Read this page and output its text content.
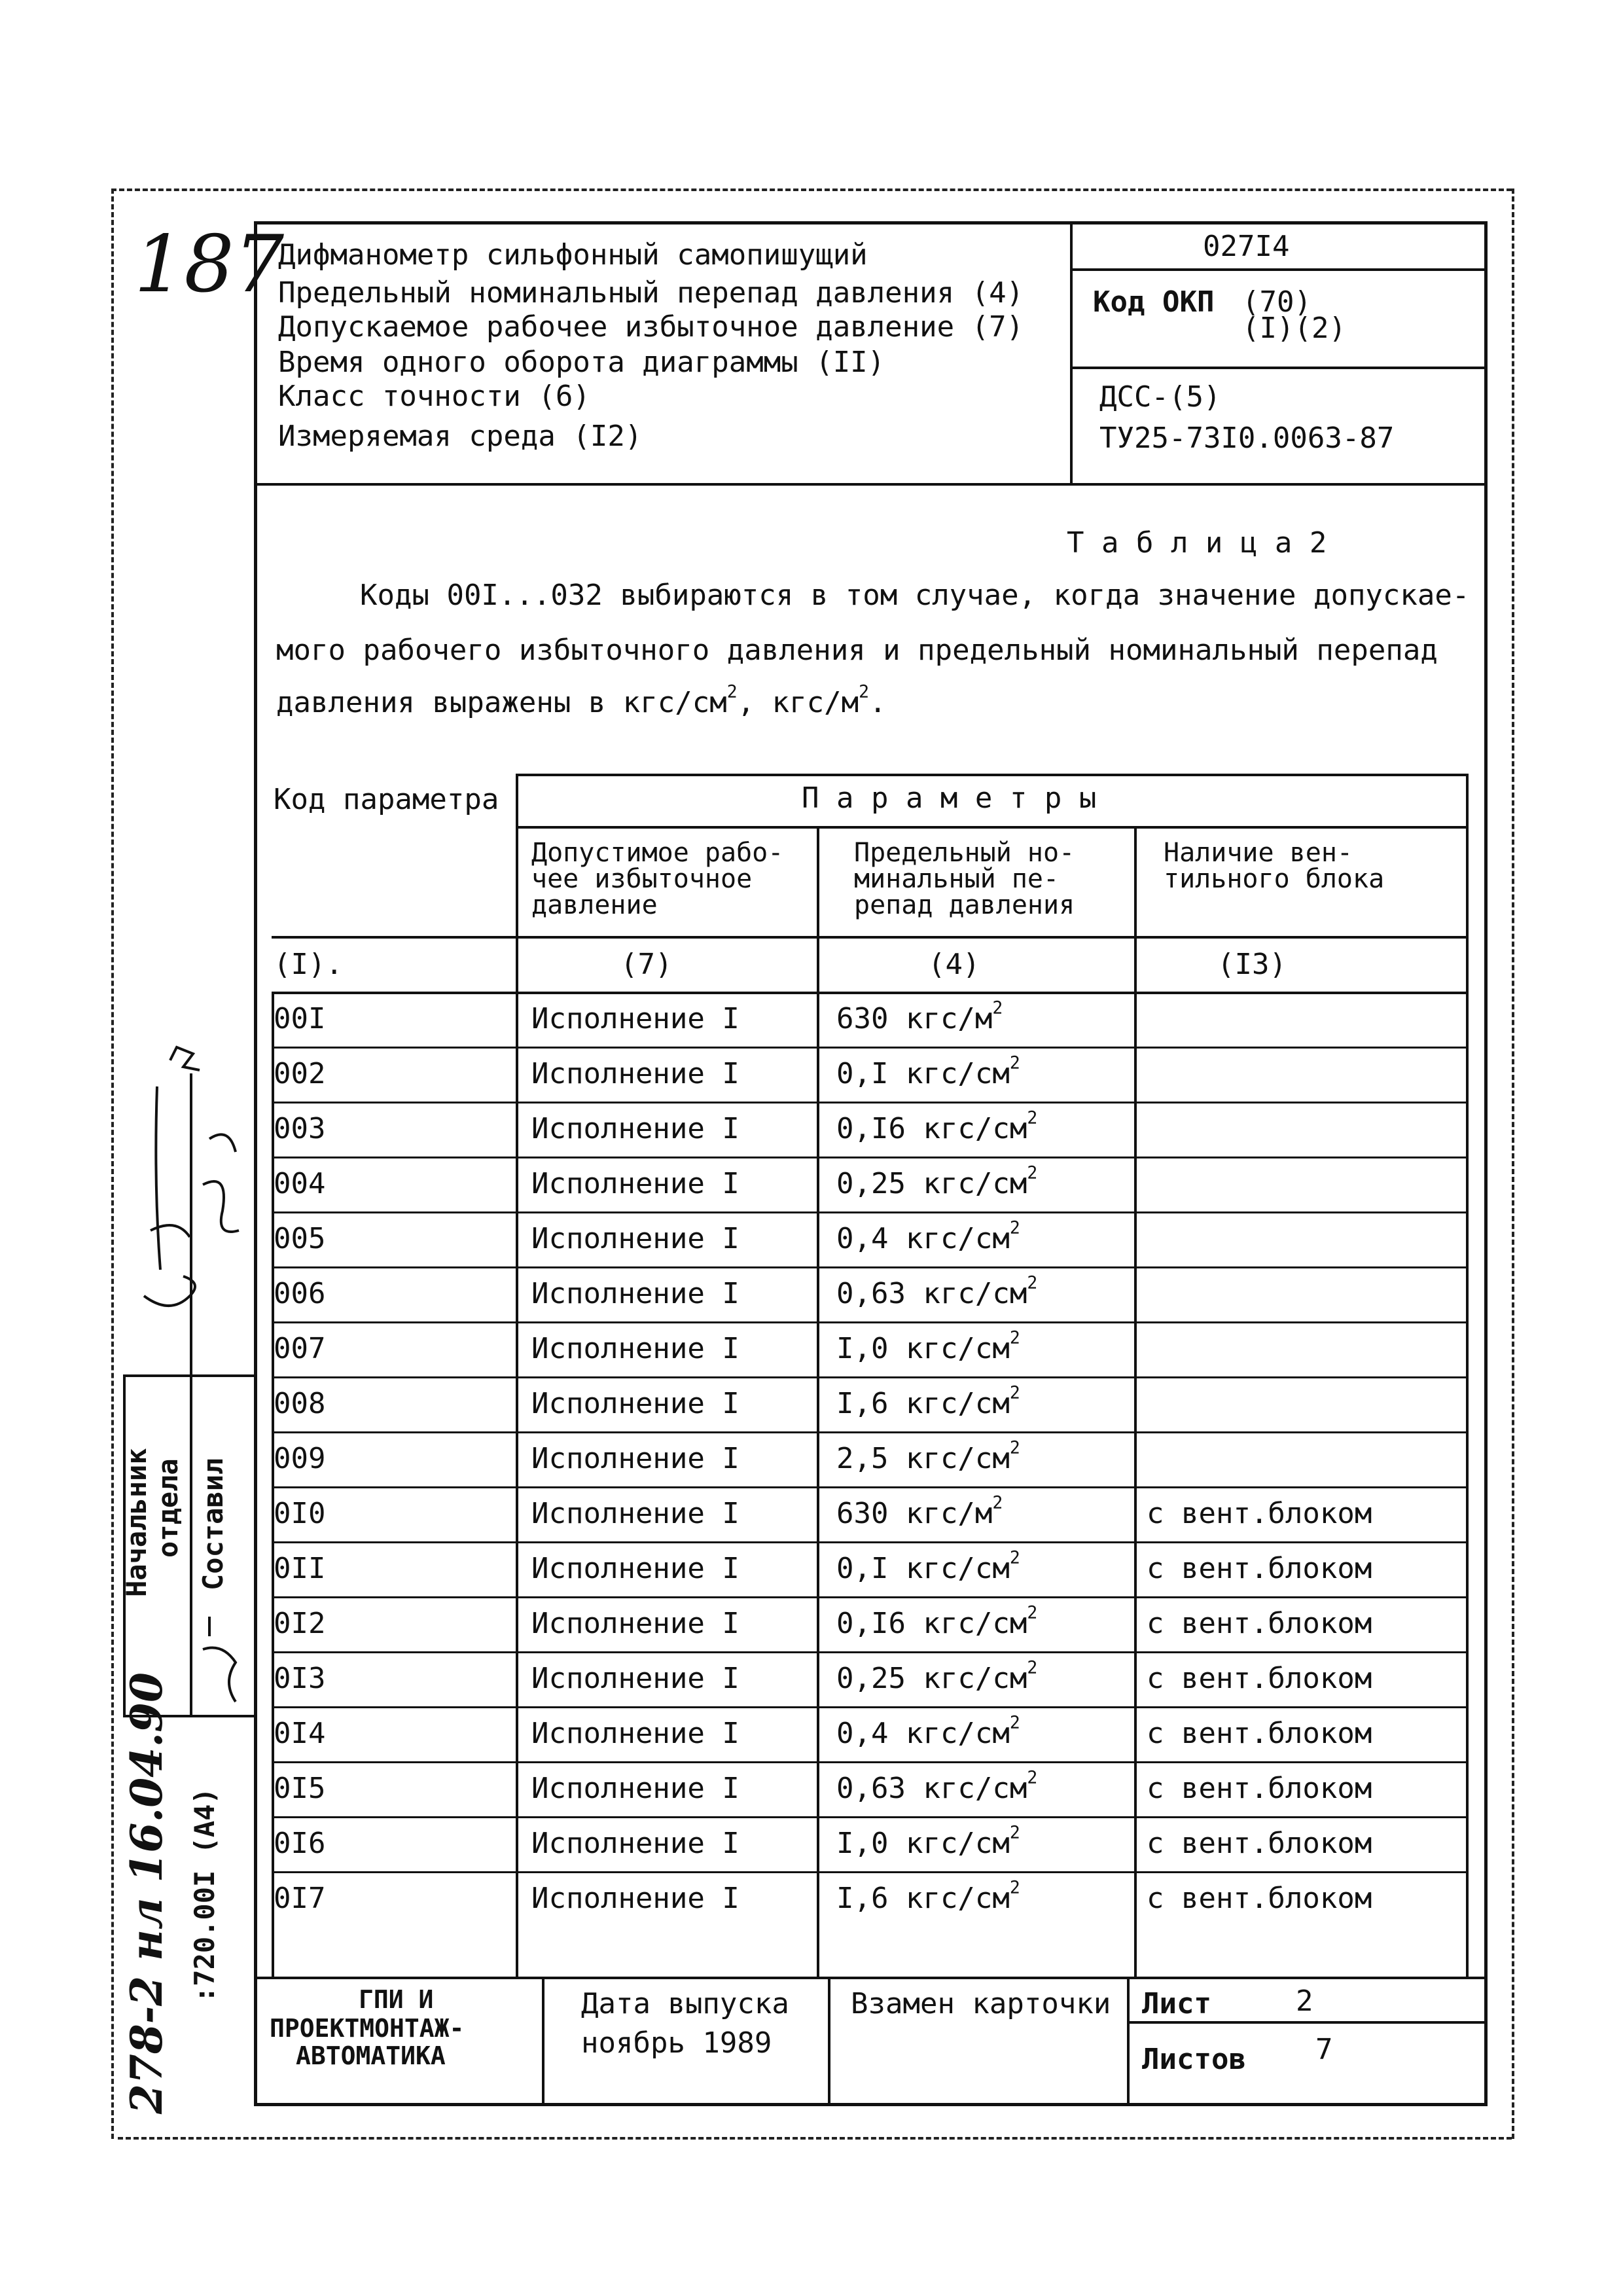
187
Дифманометр сильфонный самопишущий
Предельный номинальный перепад давления (4)
Допускаемое рабочее избыточное давление (7)
Время одного оборота диаграммы (II)
Класс точности (6)
Измеряемая среда (I2)
027I4
Код ОКП (70)
(I)(2)
ДСС-(5)
ТУ25-73I0.0063-87
Т а б л и ц а 2
Коды 00I...032 выбираются в том случае, когда значение допускае-
мого рабочего избыточного давления и предельный номинальный перепад
давления выражены в кгс/$см^2$, кгс/$м^2$.
Код параметра	П а р а м е т р ы
Допустимое рабо-
чее избыточное
давление
Предельный но-
минальный пе-
репад давления
Наличие вен-
тильного блока
(I).	(7)	(4)	(I3)
00I	Исполнение I	630 кгс/$м^2$
002	Исполнение I	0,I кгс/$см^2$
003	Исполнение I	0,I6 кгс/$см^2$
004	Исполнение I	0,25 кгс/$см^2$
005	Исполнение I	0,4 кгс/$см^2$
006	Исполнение I	0,63 кгс/$см^2$
007	Исполнение I	I,0 кгс/$см^2$
008	Исполнение I	I,6 кгс/$см^2$
009	Исполнение I	2,5 кгс/$см^2$
0I0	Исполнение I	630 кгс/$м^2$	с вент.блоком
0II	Исполнение I	0,I кгс/$см^2$	с вент.блоком
0I2	Исполнение I	0,I6 кгс/$см^2$	с вент.блоком
0I3	Исполнение I	0,25 кгс/$см^2$	с вент.блоком
0I4	Исполнение I	0,4 кгс/$см^2$	с вент.блоком
0I5	Исполнение I	0,63 кгс/$см^2$	с вент.блоком
0I6	Исполнение I	I,0 кгс/$см^2$	с вент.блоком
0I7	Исполнение I	I,6 кгс/$см^2$	с вент.блоком
ГПИ И
ПРОЕКТМОНТАЖ-
АВТОМАТИКА
Дата выпуска
ноябрь 1989
Взамен карточки Лист	2
Листов 7
Начальник отдела Составил
278-2 нл 16.04.90 :720.00I (А4)
